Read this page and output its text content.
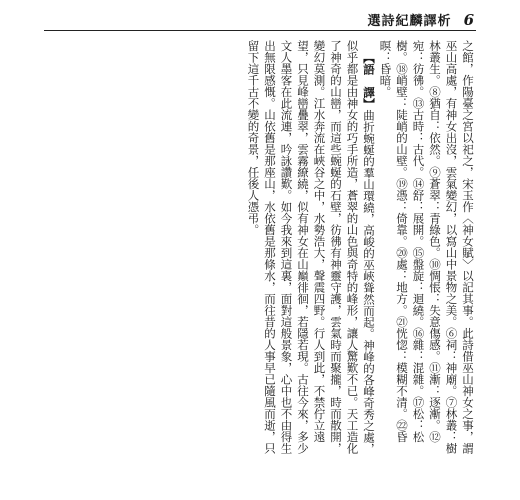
選詩紀麟譯析 6

之館，作陽臺之宮以祀之，宋玉作〈神女賦〉以記其事。此詩借巫山神女之事，謂巫山高處，有神女出沒，雲氣變幻，以寫山中景物之美。⑥祠：神廟。⑦林叢：樹林叢生。⑧猶自：依然。⑨蒼翠：青綠色。⑩惆悵：失意傷感。⑪漸：逐漸。⑫宛：彷彿。⑬古時：古代。⑭舒：展開。⑮盤旋：迴繞。⑯雜：混雜。⑰松：松樹。⑱峭壁：陡峭的山壁。⑲憑：倚靠。⑳處：地方。㉑恍惚：模糊不清。㉒昏暝：昏暗。

【語　譯】曲折蜿蜒的羣山環繞，高峻的巫峽聳然而起。神峰的各峰奇秀之處，似乎都是由神女的巧手所造，蒼翠的山色與奇特的峰形，讓人驚歎不已。天工造化了神奇的山巒，而這些蜿蜒的石壁，彷彿有神靈守護，雲氣時而聚攏，時而散開，變幻莫測。江水奔流在峽谷之中，水勢浩大，聲震四野。行人到此，不禁佇立遠望，只見峰巒疊翠，雲霧繚繞，似有神女在山巔徘徊，若隱若現。古往今來，多少文人墨客在此流連，吟詠讚歎。如今我來到這裏，面對這般景象，心中也不由得生出無限感慨。山依舊是那座山，水依舊是那條水，而往昔的人事早已隨風而逝，只留下這千古不變的奇景，任後人憑弔。
